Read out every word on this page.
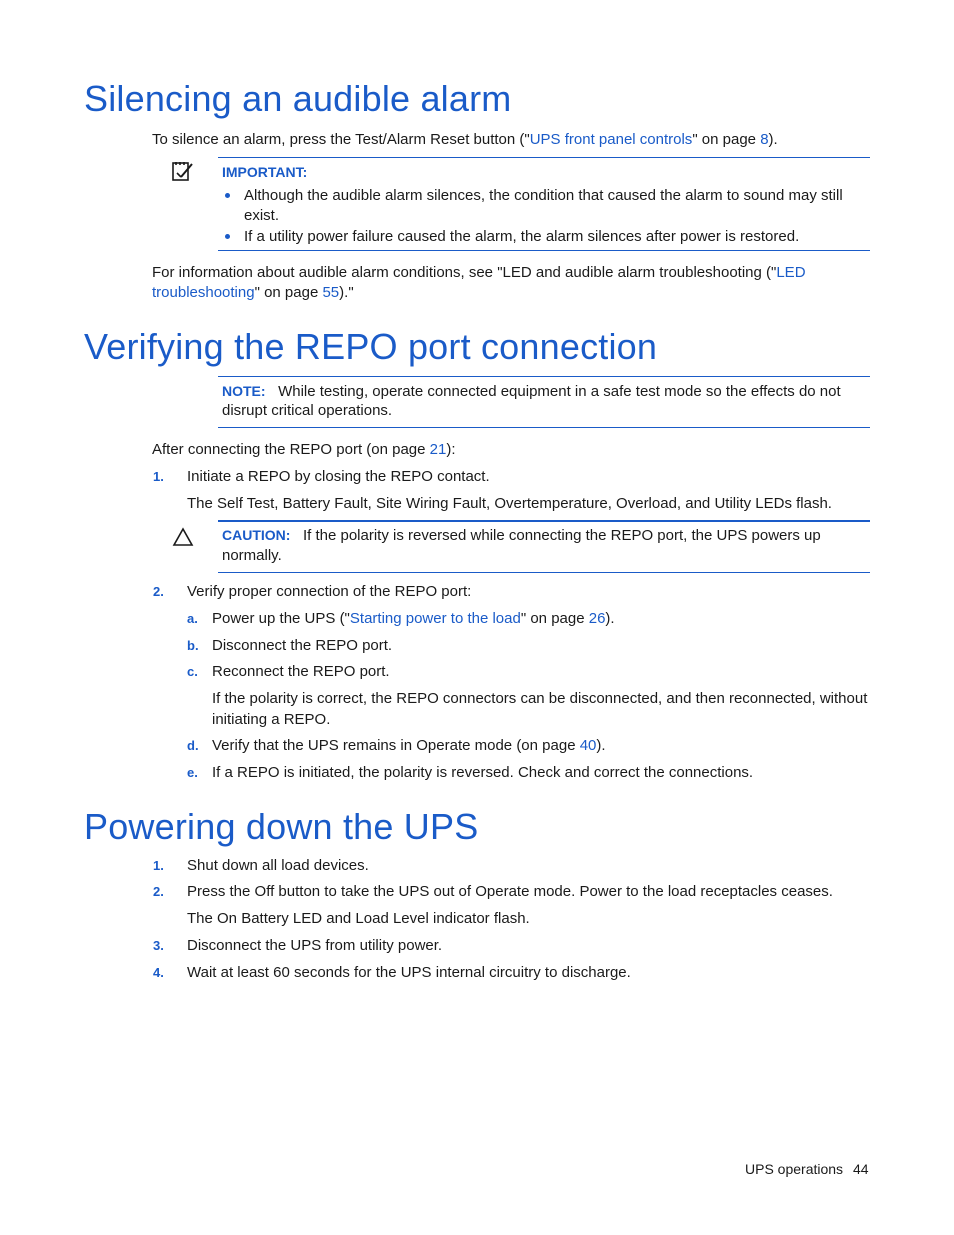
Silencing an audible alarm
To silence an alarm, press the Test/Alarm Reset button ("UPS front panel controls" on page 8).
IMPORTANT:
Although the audible alarm silences, the condition that caused the alarm to sound may still
exist.
If a utility power failure caused the alarm, the alarm silences after power is restored.
For information about audible alarm conditions, see "LED and audible alarm troubleshooting ("LED
troubleshooting" on page 55)."
Verifying the REPO port connection
NOTE: While testing, operate connected equipment in a safe test mode so the effects do not
disrupt critical operations.
After connecting the REPO port (on page 21):
1. Initiate a REPO by closing the REPO contact.
The Self Test, Battery Fault, Site Wiring Fault, Overtemperature, Overload, and Utility LEDs flash.
CAUTION: If the polarity is reversed while connecting the REPO port, the UPS powers up
normally.
2. Verify proper connection of the REPO port:
a. Power up the UPS ("Starting power to the load" on page 26).
b. Disconnect the REPO port.
c. Reconnect the REPO port.
If the polarity is correct, the REPO connectors can be disconnected, and then reconnected, without
initiating a REPO.
d. Verify that the UPS remains in Operate mode (on page 40).
e. If a REPO is initiated, the polarity is reversed. Check and correct the connections.
Powering down the UPS
1. Shut down all load devices.
2. Press the Off button to take the UPS out of Operate mode. Power to the load receptacles ceases.
The On Battery LED and Load Level indicator flash.
3. Disconnect the UPS from utility power.
4. Wait at least 60 seconds for the UPS internal circuitry to discharge.
UPS operations 44
